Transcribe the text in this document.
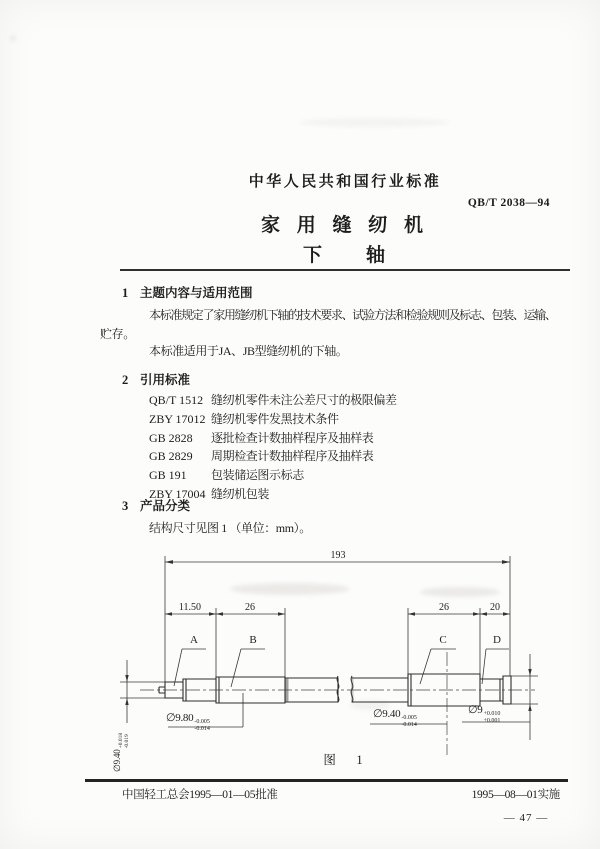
中华人民共和国行业标准
QB/T 2038—94
家 用 缝 纫 机
下　　轴
1 主题内容与适用范围
本标准规定了家用缝纫机下轴的技术要求、试验方法和检验规则及标志、包装、运输、
贮存。
本标准适用于JA、JB型缝纫机的下轴。
2 引用标准
QB/T 1512 缝纫机零件未注公差尺寸的极限偏差
ZBY 17012 缝纫机零件发黑技术条件
GB 2828 逐批检查计数抽样程序及抽样表
GB 2829 周期检查计数抽样程序及抽样表
GB 191 包装储运图示标志
ZBY 17004 缝纫机包装
3 产品分类
结构尺寸见图 1 （单位：mm）。
193
11.50	26	26	20
A	B	C	D
∅9.40
+0.018 -0.019
∅9.80 -0.005
-0.014
∅9.40 -0.005
-0.014
∅9 +0.010
+0.001
图　1
中国轻工总会1995—01—05批准	1995—08—01实施
— 47 —
